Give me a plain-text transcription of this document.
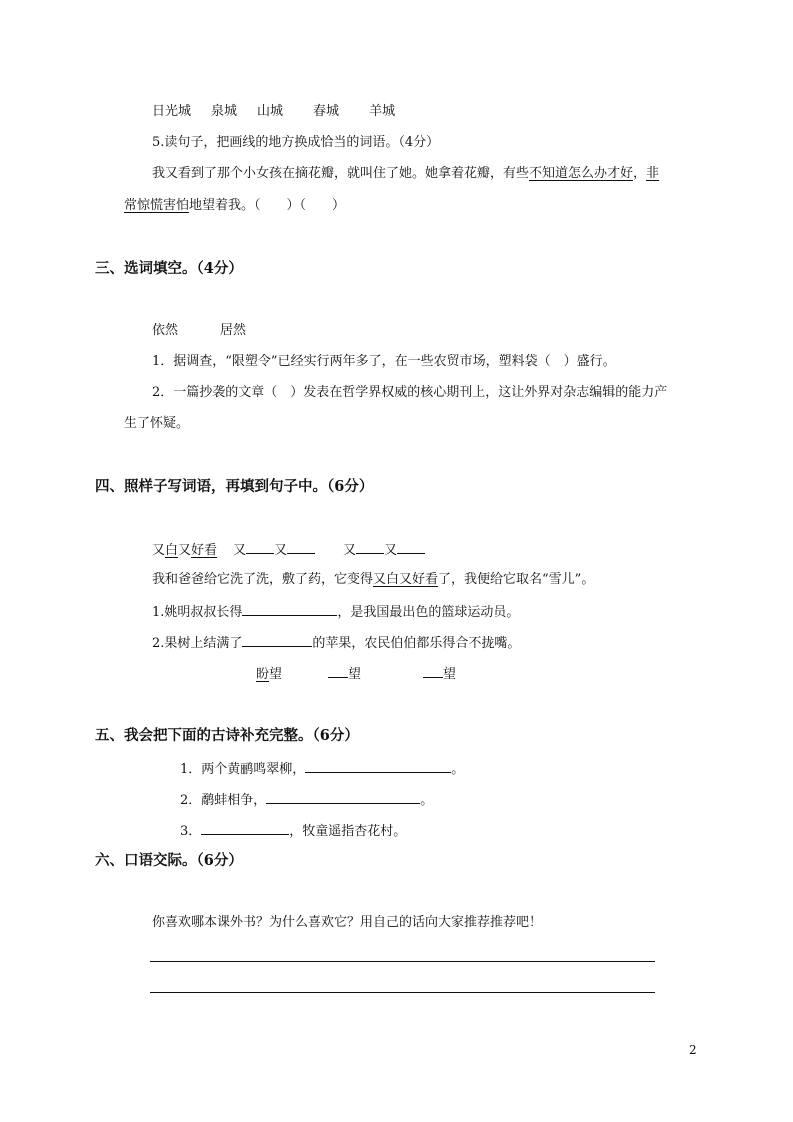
日光城 泉城 山城 春城 羊城
5.读句子，把画线的地方换成恰当的词语。（4分）
我又看到了那个小女孩在摘花瓣，就叫住了她。她拿着花瓣，有些不知道怎么办才好，非
常惊慌害怕地望着我。（　　）（　　）
三、选词填空。（4分）
依然	居然
1．据调查，“限塑令”已经实行两年多了，在一些农贸市场，塑料袋（　）盛行。
2．一篇抄袭的文章（　）发表在哲学界权威的核心期刊上，这让外界对杂志编辑的能力产
生了怀疑。
四、照样子写词语，再填到句子中。（6分）
又白又好看 又 又	又 又
我和爸爸给它洗了洗，敷了药，它变得又白又好看了，我便给它取名“雪儿”。
1.姚明叔叔长得	，是我国最出色的篮球运动员。
2.果树上结满了	的苹果，农民伯伯都乐得合不拢嘴。
盼望	望	望
五、我会把下面的古诗补充完整。（6分）
1．两个黄鹂鸣翠柳，	。
2．鹬蚌相争，	。
3．	，牧童遥指杏花村。
六、口语交际。（6分）
你喜欢哪本课外书？为什么喜欢它？用自己的话向大家推荐推荐吧！
2
